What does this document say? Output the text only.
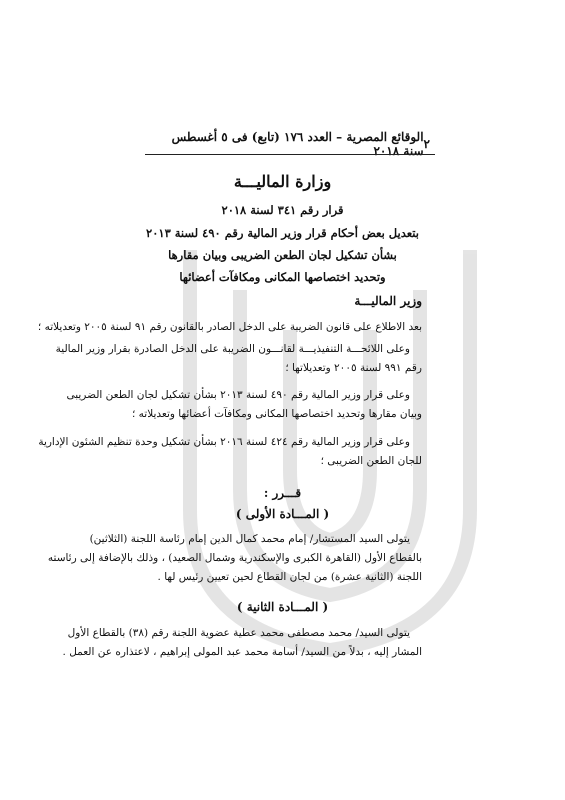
٢
الوقائع المصرية – العدد ١٧٦ (تابع) فى ٥ أغسطس سنة ٢٠١٨
وزارة الماليـــة
قرار رقم ٣٤١ لسنة ٢٠١٨
بتعديل بعض أحكام قرار وزير المالية رقم ٤٩٠ لسنة ٢٠١٣
بشأن تشكيل لجان الطعن الضريبى وبيان مقارها
وتحديد اختصاصها المكانى ومكافآت أعضائها
وزير الماليـــة
بعد الاطلاع على قانون الضريبة على الدخل الصادر بالقانون رقم ٩١ لسنة ٢٠٠٥ وتعديلاته ؛
وعلى اللائحـــة التنفيذيـــة لقانـــون الضريبة على الدخل الصادرة بقرار وزير المالية
رقم ٩٩١ لسنة ٢٠٠٥ وتعديلاتها ؛
وعلى قرار وزير المالية رقم ٤٩٠ لسنة ٢٠١٣ بشأن تشكيل لجان الطعن الضريبى
وبيان مقارها وتحديد اختصاصها المكانى ومكافآت أعضائها وتعديلاته ؛
وعلى قرار وزير المالية رقم ٤٢٤ لسنة ٢٠١٦ بشأن تشكيل وحدة تنظيم الشئون الإدارية
للجان الطعن الضريبى ؛
قـــرر :
( المـــادة الأولى )
يتولى السيد المستشار/ إمام محمد كمال الدين إمام رئاسة اللجنة (الثلاثين)
بالقطاع الأول (القاهرة الكبرى والإسكندرية وشمال الصعيد) ، وذلك بالإضافة إلى رئاسته
اللجنة (الثانية عشرة) من لجان القطاع لحين تعيين رئيس لها .
( المـــادة الثانية )
يتولى السيد/ محمد مصطفى محمد عطية عضوية اللجنة رقم (٣٨) بالقطاع الأول
المشار إليه ، بدلاً من السيد/ أسامة محمد عبد المولى إبراهيم ، لاعتذاره عن العمل .
